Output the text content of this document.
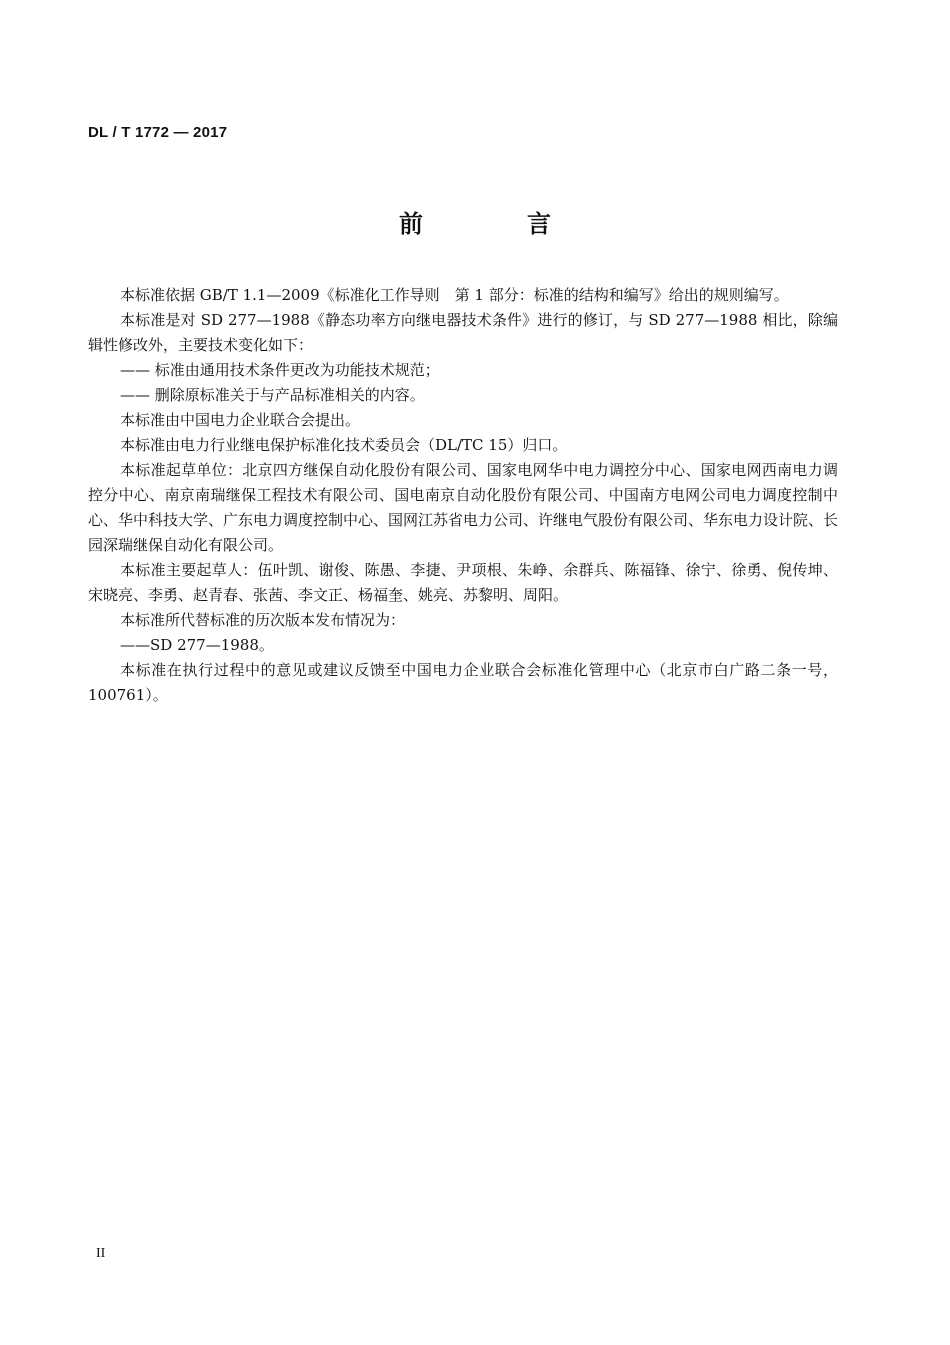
DL / T 1772 — 2017
前　言

本标准依据 GB/T 1.1—2009《标准化工作导则　第 1 部分：标准的结构和编写》给出的规则编写。

本标准是对 SD 277—1988《静态功率方向继电器技术条件》进行的修订，与 SD 277—1988 相比，除编辑性修改外，主要技术变化如下：

—— 标准由通用技术条件更改为功能技术规范；

—— 删除原标准关于与产品标准相关的内容。

本标准由中国电力企业联合会提出。

本标准由电力行业继电保护标准化技术委员会（DL/TC 15）归口。

本标准起草单位：北京四方继保自动化股份有限公司、国家电网华中电力调控分中心、国家电网西南电力调控分中心、南京南瑞继保工程技术有限公司、国电南京自动化股份有限公司、中国南方电网公司电力调度控制中心、华中科技大学、广东电力调度控制中心、国网江苏省电力公司、许继电气股份有限公司、华东电力设计院、长园深瑞继保自动化有限公司。

本标准主要起草人：伍叶凯、谢俊、陈愚、李捷、尹项根、朱峥、余群兵、陈福锋、徐宁、徐勇、倪传坤、宋晓亮、李勇、赵青春、张茜、李文正、杨福奎、姚亮、苏黎明、周阳。

本标准所代替标准的历次版本发布情况为：

——SD 277—1988。

本标准在执行过程中的意见或建议反馈至中国电力企业联合会标准化管理中心（北京市白广路二条一号，100761）。

II
